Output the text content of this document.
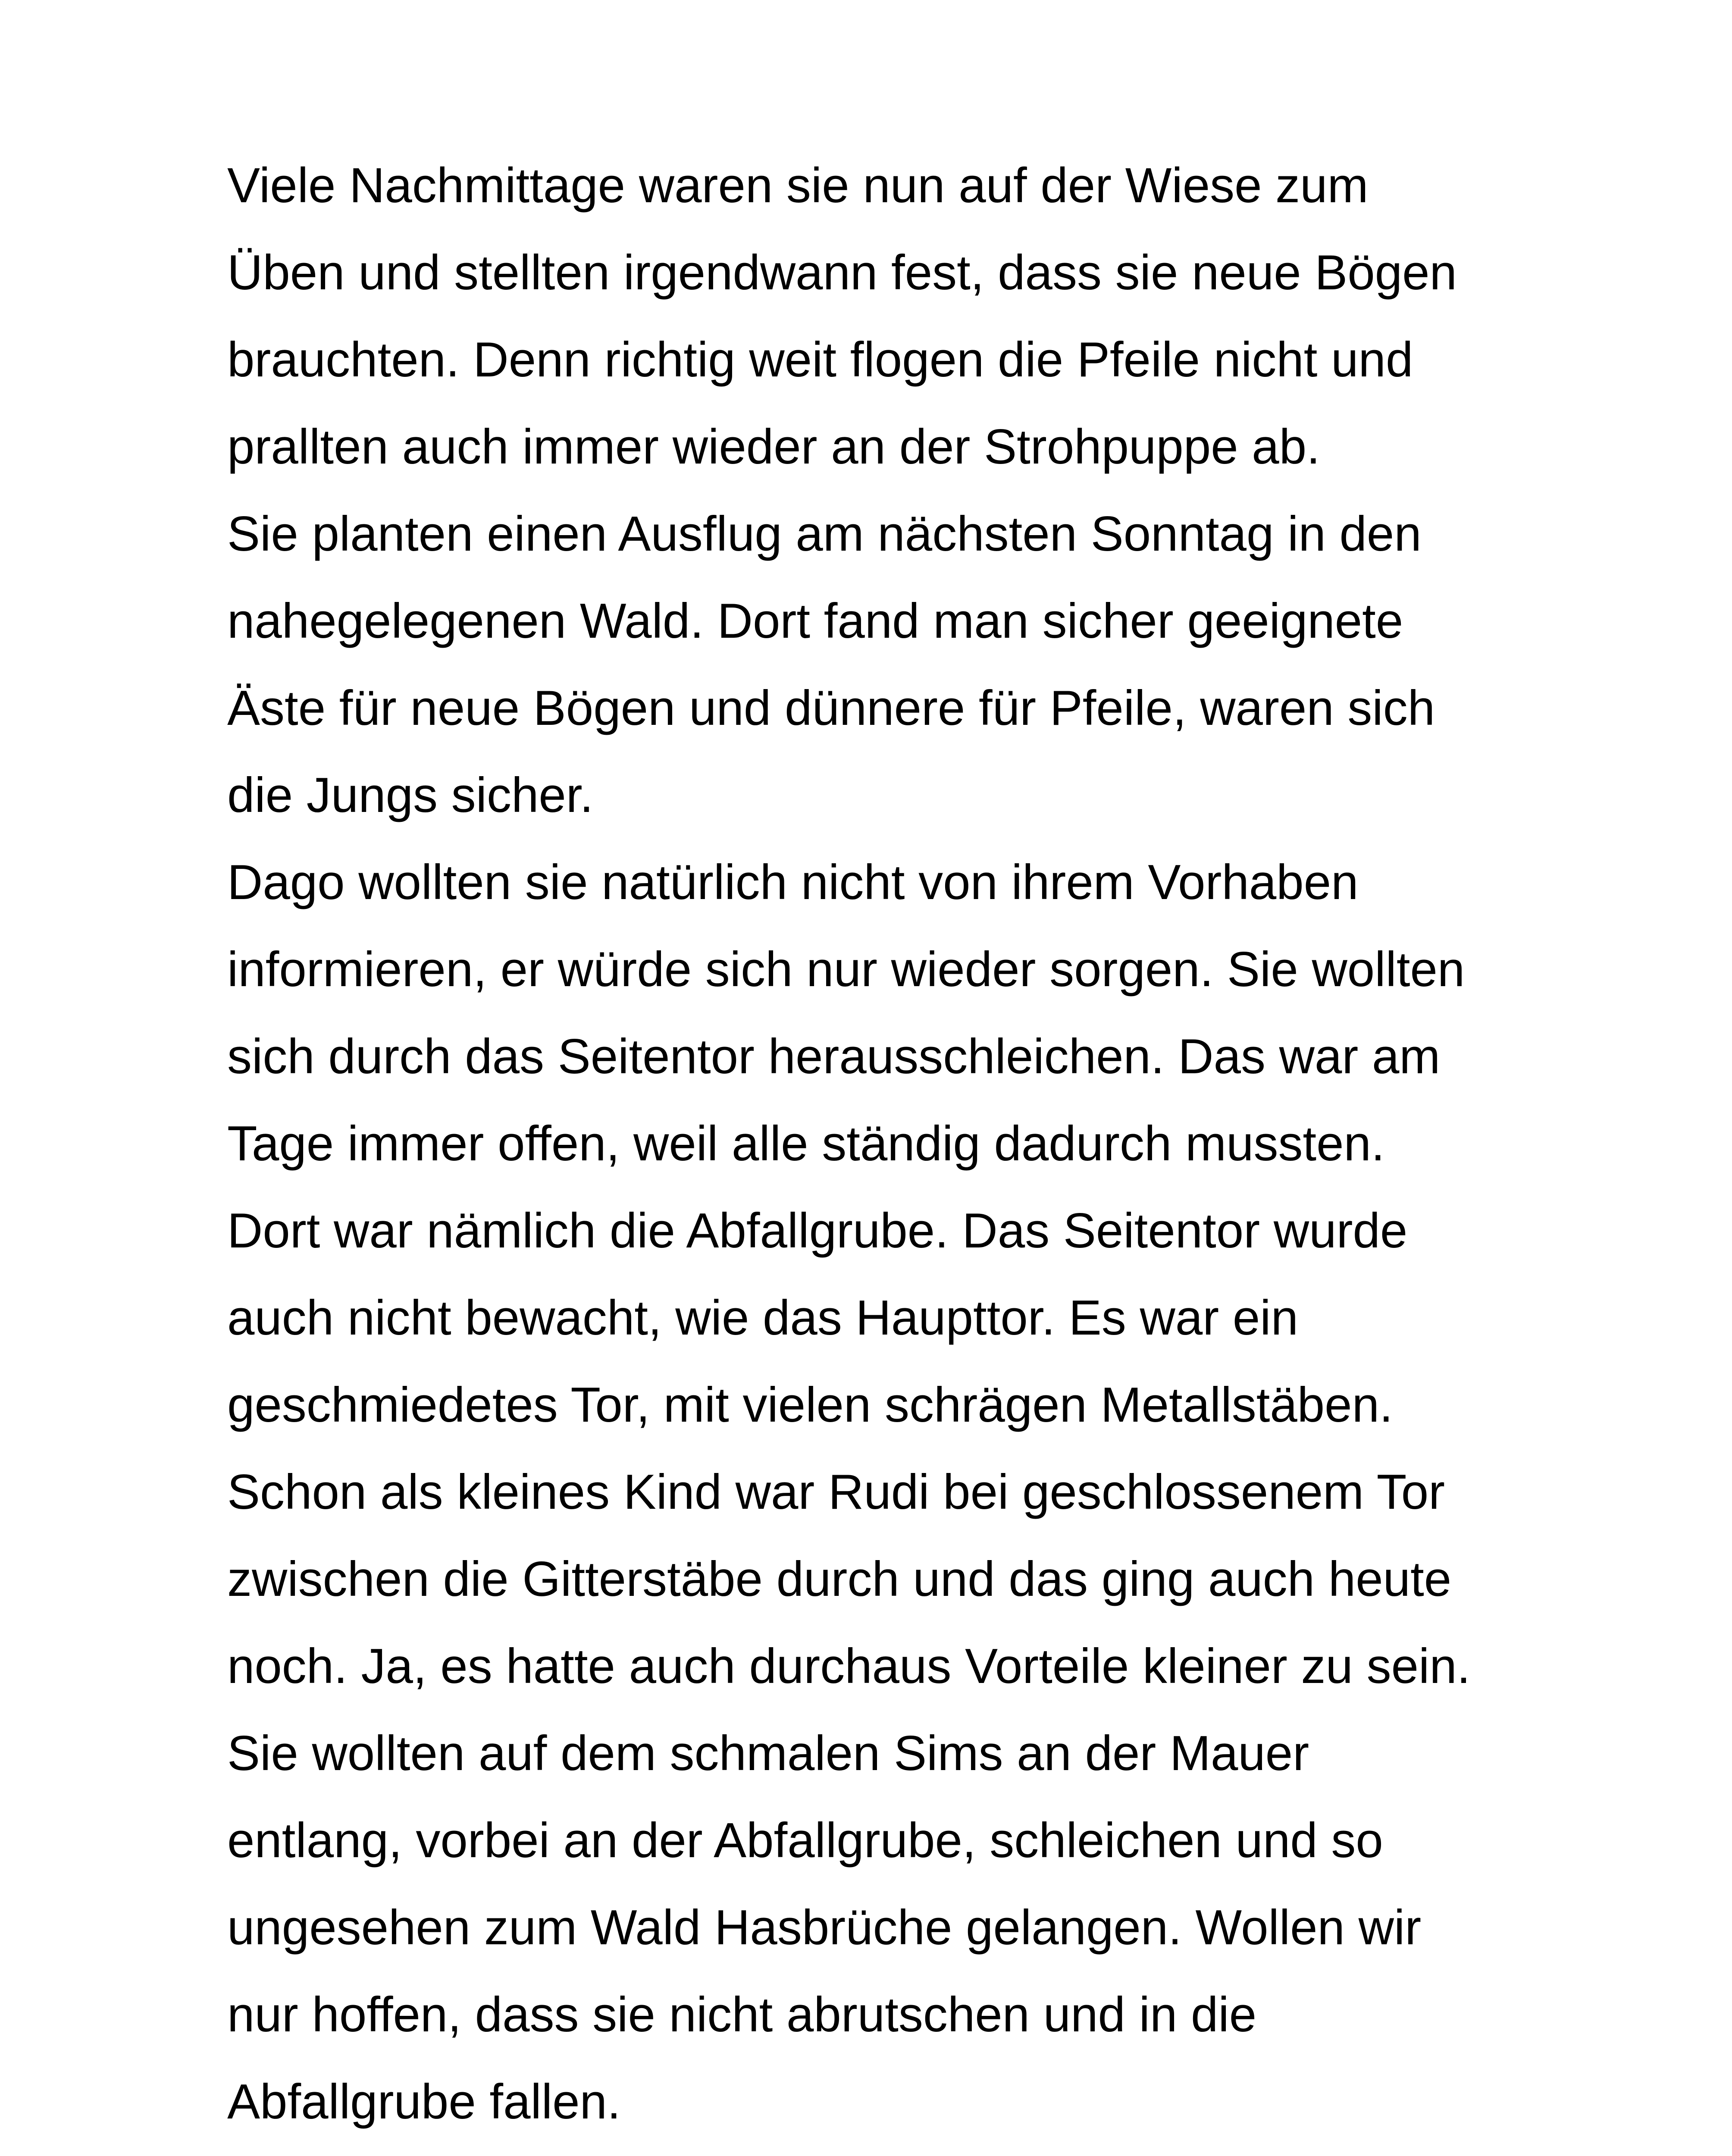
Viele Nachmittage waren sie nun auf der Wiese zum
Üben und stellten irgendwann fest, dass sie neue Bögen
brauchten. Denn richtig weit flogen die Pfeile nicht und
prallten auch immer wieder an der Strohpuppe ab.
Sie planten einen Ausflug am nächsten Sonntag in den
nahegelegenen Wald. Dort fand man sicher geeignete
Äste für neue Bögen und dünnere für Pfeile, waren sich
die Jungs sicher.
Dago wollten sie natürlich nicht von ihrem Vorhaben
informieren, er würde sich nur wieder sorgen. Sie wollten
sich durch das Seitentor herausschleichen. Das war am
Tage immer offen, weil alle ständig dadurch mussten.
Dort war nämlich die Abfallgrube. Das Seitentor wurde
auch nicht bewacht, wie das Haupttor. Es war ein
geschmiedetes Tor, mit vielen schrägen Metallstäben.
Schon als kleines Kind war Rudi bei geschlossenem Tor
zwischen die Gitterstäbe durch und das ging auch heute
noch. Ja, es hatte auch durchaus Vorteile kleiner zu sein.
Sie wollten auf dem schmalen Sims an der Mauer
entlang, vorbei an der Abfallgrube, schleichen und so
ungesehen zum Wald Hasbrüche gelangen. Wollen wir
nur hoffen, dass sie nicht abrutschen und in die
Abfallgrube fallen.
